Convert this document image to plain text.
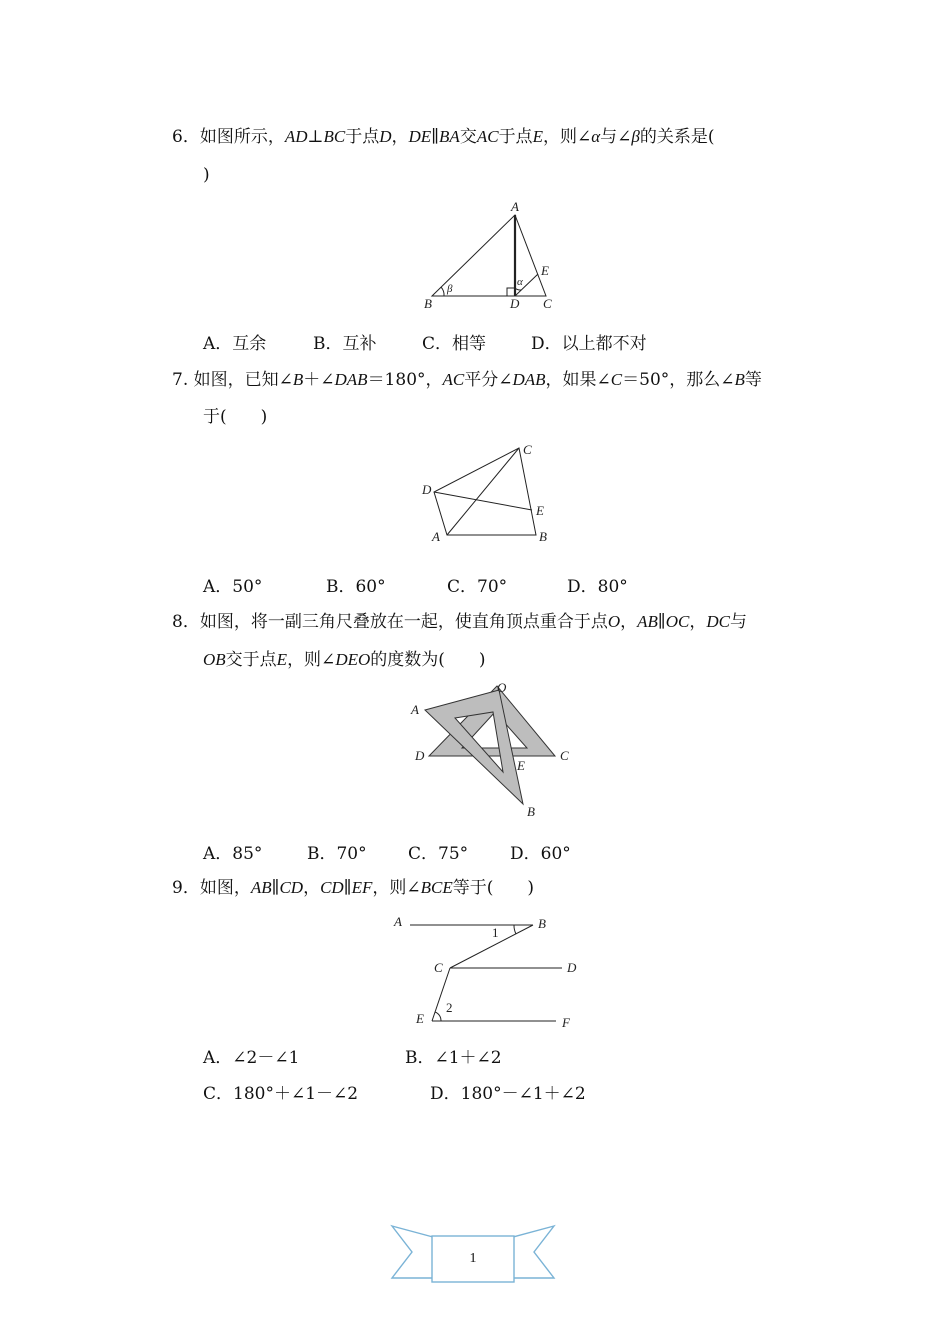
6．如图所示，AD⊥BC于点D，DE∥BA交AC于点E，则∠α与∠β的关系是(
)
A
B	C
D
E
α
β
A．互余	B．互补	C．相等	D．以上都不对
7. 如图，已知∠B＋∠DAB＝180°，AC平分∠DAB，如果∠C＝50°，那么∠B等
于(　　)
A	B
C
D
E
A．50°	B．60°	C．70°	D．80°
8．如图，将一副三角尺叠放在一起，使直角顶点重合于点O，AB∥OC，DC与
OB交于点E，则∠DEO的度数为(　　)
A
B
C
D
E
O
A．85°	B．70° C．75° D．60°
9．如图，AB∥CD，CD∥EF，则∠BCE等于(　　)
A	B
C	D
E	F
1
2
A．∠2－∠1	B．∠1＋∠2
C．180°＋∠1－∠2	D．180°－∠1＋∠2
1
